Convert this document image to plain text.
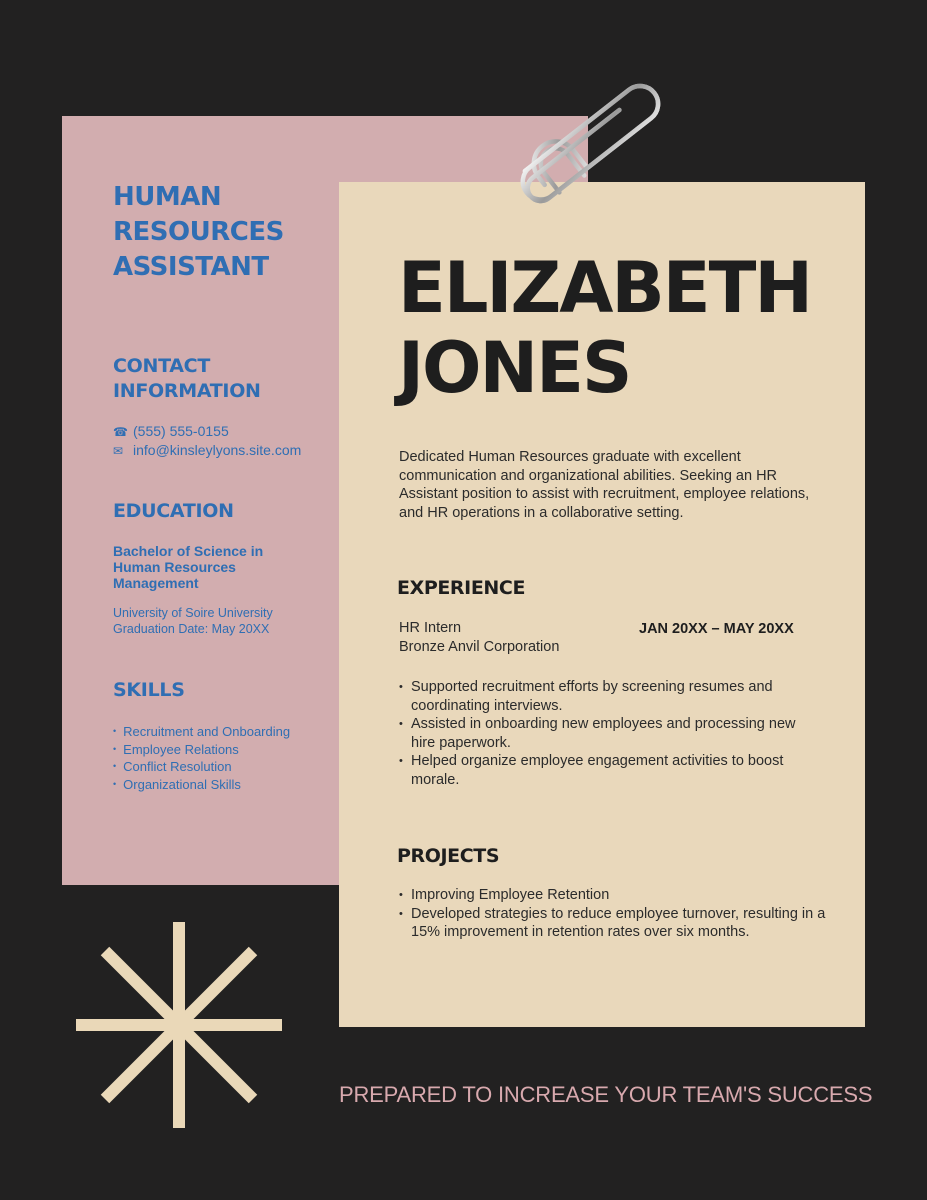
HUMAN
RESOURCES
ASSISTANT
CONTACT
INFORMATION
☎ (555) 555-0155
✉ info@kinsleylyons.site.com
EDUCATION

Bachelor of Science in Human Resources Management

University of Soire University
Graduation Date: May 20XX
SKILLS
• Recruitment and Onboarding
• Employee Relations
• Conflict Resolution
• Organizational Skills
ELIZABETH
JONES

Dedicated Human Resources graduate with excellent communication and organizational abilities. Seeking an HR Assistant position to assist with recruitment, employee relations, and HR operations in a collaborative setting.

EXPERIENCE
HR Intern
Bronze Anvil Corporation
JAN 20XX – MAY 20XX
• Supported recruitment efforts by screening resumes and coordinating interviews.
• Assisted in onboarding new employees and processing new hire paperwork.
• Helped organize employee engagement activities to boost morale.
PROJECTS
• Improving Employee Retention
• Developed strategies to reduce employee turnover, resulting in a 15% improvement in retention rates over six months.

PREPARED TO INCREASE YOUR TEAM'S SUCCESS
